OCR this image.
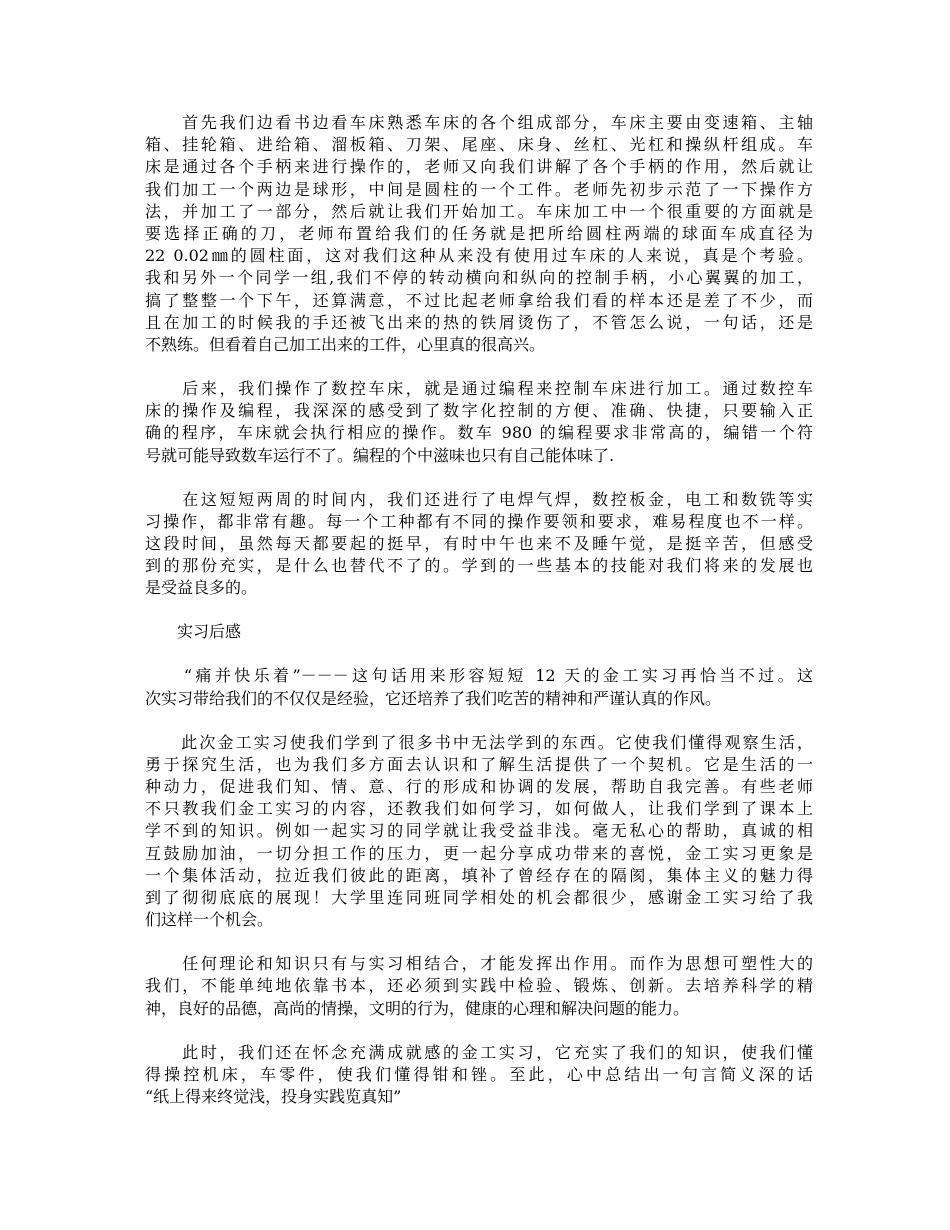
　　首先我们边看书边看车床熟悉车床的各个组成部分，车床主要由变速箱、主轴
箱、挂轮箱、进给箱、溜板箱、刀架、尾座、床身、丝杠、光杠和操纵杆组成。车
床是通过各个手柄来进行操作的，老师又向我们讲解了各个手柄的作用，然后就让
我们加工一个两边是球形，中间是圆柱的一个工件。老师先初步示范了一下操作方
法，并加工了一部分，然后就让我们开始加工。车床加工中一个很重要的方面就是
要选择正确的刀，老师布置给我们的任务就是把所给圆柱两端的球面车成直径为
22 0.02㎜的圆柱面，这对我们这种从来没有使用过车床的人来说，真是个考验。
我和另外一个同学一组,我们不停的转动横向和纵向的控制手柄，小心翼翼的加工，
搞了整整一个下午，还算满意，不过比起老师拿给我们看的样本还是差了不少，而
且在加工的时候我的手还被飞出来的热的铁屑烫伤了，不管怎么说，一句话，还是
不熟练。但看着自己加工出来的工件，心里真的很高兴。
　　后来，我们操作了数控车床，就是通过编程来控制车床进行加工。通过数控车
床的操作及编程，我深深的感受到了数字化控制的方便、准确、快捷，只要输入正
确的程序，车床就会执行相应的操作。数车 980 的编程要求非常高的，编错一个符
号就可能导致数车运行不了。编程的个中滋味也只有自己能体味了.
　　在这短短两周的时间内，我们还进行了电焊气焊，数控板金，电工和数铣等实
习操作，都非常有趣。每一个工种都有不同的操作要领和要求，难易程度也不一样。
这段时间，虽然每天都要起的挺早，有时中午也来不及睡午觉，是挺辛苦，但感受
到的那份充实，是什么也替代不了的。学到的一些基本的技能对我们将来的发展也
是受益良多的。
　　实习后感
　　“痛并快乐着”－－－这句话用来形容短短 12 天的金工实习再恰当不过。这
次实习带给我们的不仅仅是经验，它还培养了我们吃苦的精神和严谨认真的作风。
　　此次金工实习使我们学到了很多书中无法学到的东西。它使我们懂得观察生活，
勇于探究生活，也为我们多方面去认识和了解生活提供了一个契机。它是生活的一
种动力，促进我们知、情、意、行的形成和协调的发展，帮助自我完善。有些老师
不只教我们金工实习的内容，还教我们如何学习，如何做人，让我们学到了课本上
学不到的知识。例如一起实习的同学就让我受益非浅。毫无私心的帮助，真诚的相
互鼓励加油，一切分担工作的压力，更一起分享成功带来的喜悦，金工实习更象是
一个集体活动，拉近我们彼此的距离，填补了曾经存在的隔阂，集体主义的魅力得
到了彻彻底底的展现！大学里连同班同学相处的机会都很少，感谢金工实习给了我
们这样一个机会。
　　任何理论和知识只有与实习相结合，才能发挥出作用。而作为思想可塑性大的
我们，不能单纯地依靠书本，还必须到实践中检验、锻炼、创新。去培养科学的精
神，良好的品德，高尚的情操，文明的行为，健康的心理和解决问题的能力。
　　此时，我们还在怀念充满成就感的金工实习，它充实了我们的知识，使我们懂
得操控机床，车零件，使我们懂得钳和锉。至此，心中总结出一句言简义深的话
“纸上得来终觉浅，投身实践览真知”
